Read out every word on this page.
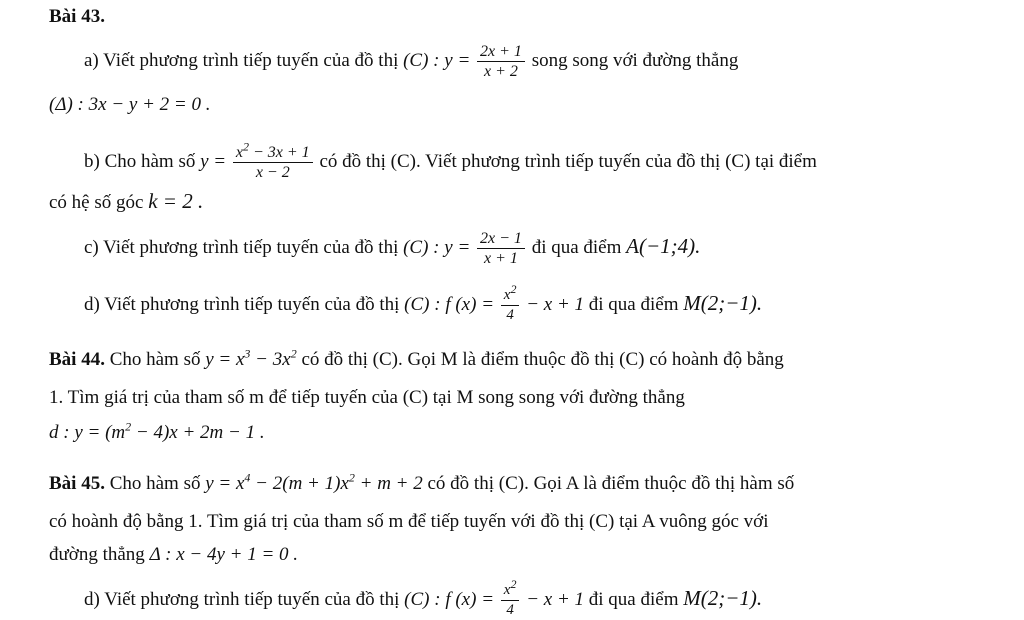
Bài 43.
a) Viết phương trình tiếp tuyến của đồ thị (C) : $y = \frac{2x + 1}{x + 2}$ song song với đường thẳng
(Δ) : 3x − y + 2 = 0 .
b) Cho hàm số $y = \frac{x^2 - 3x + 1}{x - 2}$ có đồ thị (C). Viết phương trình tiếp tuyến của đồ thị (C) tại điểm
có hệ số góc k = 2 .
c) Viết phương trình tiếp tuyến của đồ thị (C) : $y = \frac{2x - 1}{x + 1}$ đi qua điểm A(−1;4).
d) Viết phương trình tiếp tuyến của đồ thị (C) : f $(x) = \frac{x^2}{4} - x + 1$ đi qua điểm M(2;−1).
Bài 44. Cho hàm số $y = x^3 - 3x^2$ có đồ thị (C). Gọi M là điểm thuộc đồ thị (C) có hoành độ bằng
1. Tìm giá trị của tham số m để tiếp tuyến của (C) tại M song song với đường thẳng
d : $y = (m^2 - 4)x + 2m - 1$ .
Bài 45. Cho hàm số $y = x^4 - 2(m + 1)x^2 + m + 2$ có đồ thị (C). Gọi A là điểm thuộc đồ thị hàm số
có hoành độ bằng 1. Tìm giá trị của tham số m để tiếp tuyến với đồ thị (C) tại A vuông góc với
đường thẳng Δ : x − 4y + 1 = 0 .
d) Viết phương trình tiếp tuyến của đồ thị (C) : f $(x) = \frac{x^2}{4} - x + 1$ đi qua điểm M(2;−1).
